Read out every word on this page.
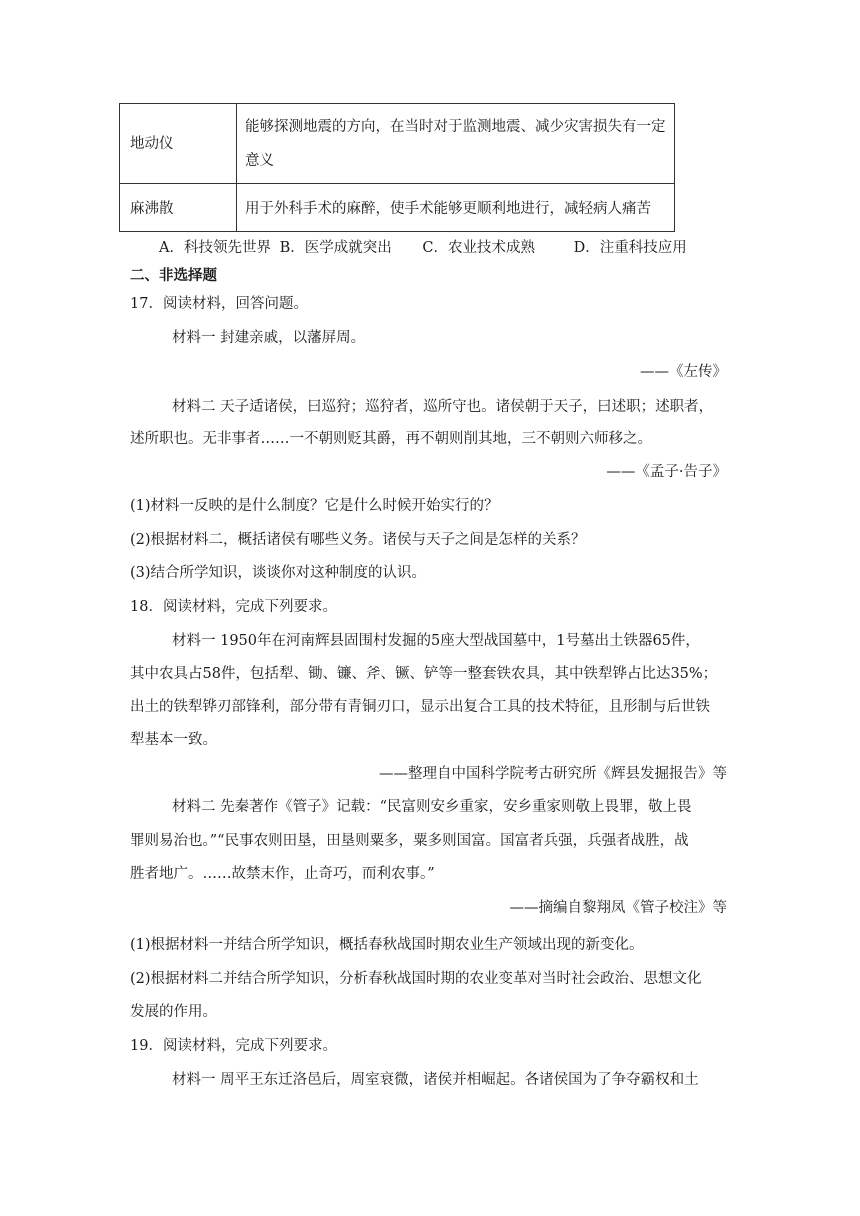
地动仪	能够探测地震的方向，在当时对于监测地震、减少灾害损失有一定意义
麻沸散	用于外科手术的麻醉，使手术能够更顺利地进行，减轻病人痛苦
A．科技领先世界 B．医学成就突出 C．农业技术成熟	D．注重科技应用
二、非选择题
17．阅读材料，回答问题。
材料一 封建亲戚，以藩屏周。
——《左传》
材料二 天子适诸侯，曰巡狩；巡狩者，巡所守也。诸侯朝于天子，曰述职；述职者，
述所职也。无非事者……一不朝则贬其爵，再不朝则削其地，三不朝则六师移之。
——《孟子·告子》
(1)材料一反映的是什么制度？它是什么时候开始实行的？
(2)根据材料二，概括诸侯有哪些义务。诸侯与天子之间是怎样的关系？
(3)结合所学知识，谈谈你对这种制度的认识。
18．阅读材料，完成下列要求。
材料一 1950年在河南辉县固围村发掘的5座大型战国墓中，1号墓出土铁器65件，
其中农具占58件，包括犁、锄、镰、斧、镢、铲等一整套铁农具，其中铁犁铧占比达35%；
出土的铁犁铧刃部锋利，部分带有青铜刃口，显示出复合工具的技术特征，且形制与后世铁
犁基本一致。
——整理自中国科学院考古研究所《辉县发掘报告》等
材料二 先秦著作《管子》记载：“民富则安乡重家，安乡重家则敬上畏罪，敬上畏
罪则易治也。”“民事农则田垦，田垦则粟多，粟多则国富。国富者兵强，兵强者战胜，战
胜者地广。……故禁末作，止奇巧，而利农事。”
——摘编自黎翔凤《管子校注》等
(1)根据材料一并结合所学知识，概括春秋战国时期农业生产领域出现的新变化。
(2)根据材料二并结合所学知识，分析春秋战国时期的农业变革对当时社会政治、思想文化
发展的作用。
19．阅读材料，完成下列要求。
材料一 周平王东迁洛邑后，周室衰微，诸侯并相崛起。各诸侯国为了争夺霸权和土
